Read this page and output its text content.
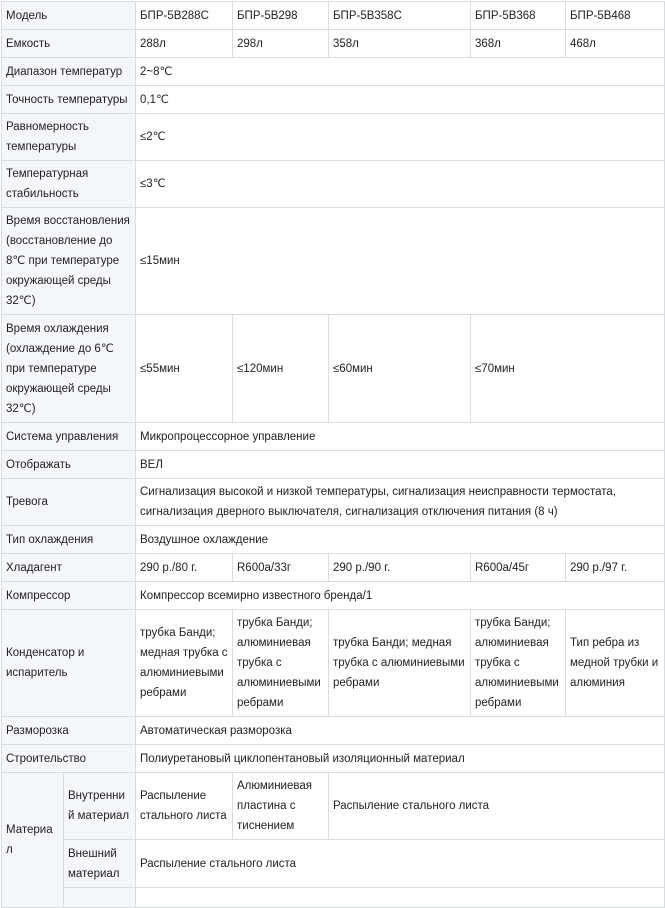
Модель		БПР-5В288С	БПР-5В298	БПР-5В358С	БПР-5В368	БПР-5В468
Емкость		288л	298л	358л	368л	468л
Диапазон температур		2~8℃				
Точность температуры		0,1℃				
Равномерность температуры		≤2℃				
Температурная стабильность		≤3℃				
Время восстановления (восстановление до 8℃ при температуре окружающей среды 32℃)		≤15мин				
Время охлаждения (охлаждение до 6℃ при температуре окружающей среды 32℃)		≤55мин	≤120мин	≤60мин	≤70мин	
Система управления		Микропроцессорное управление				
Отображать		ВЕЛ				
Тревога		Сигнализация высокой и низкой температуры, сигнализация неисправности термостата, сигнализация дверного выключателя, сигнализация отключения питания (8 ч)				
Тип охлаждения		Воздушное охлаждение				
Хладагент		290 р./80 г.	R600a/33г	290 р./90 г.	R600a/45г	290 р./97 г.
Компрессор		Компрессор всемирно известного бренда/1				
Конденсатор и испаритель		трубка Банди; медная трубка с алюминиевыми ребрами	трубка Банди; алюминиевая трубка с алюминиевыми ребрами	трубка Банди; медная трубка с алюминиевыми ребрами	трубка Банди; алюминиевая трубка с алюминиевыми ребрами	Тип ребра из медной трубки и алюминия
Разморозка		Автоматическая разморозка				
Строительство		Полиуретановый циклопентановый изоляционный материал				
Материал	Внутренний материал	Распыление стального листа	Алюминиевая пластина с тиснением	Распыление стального листа		
	Внешний материал	Распыление стального листа				
